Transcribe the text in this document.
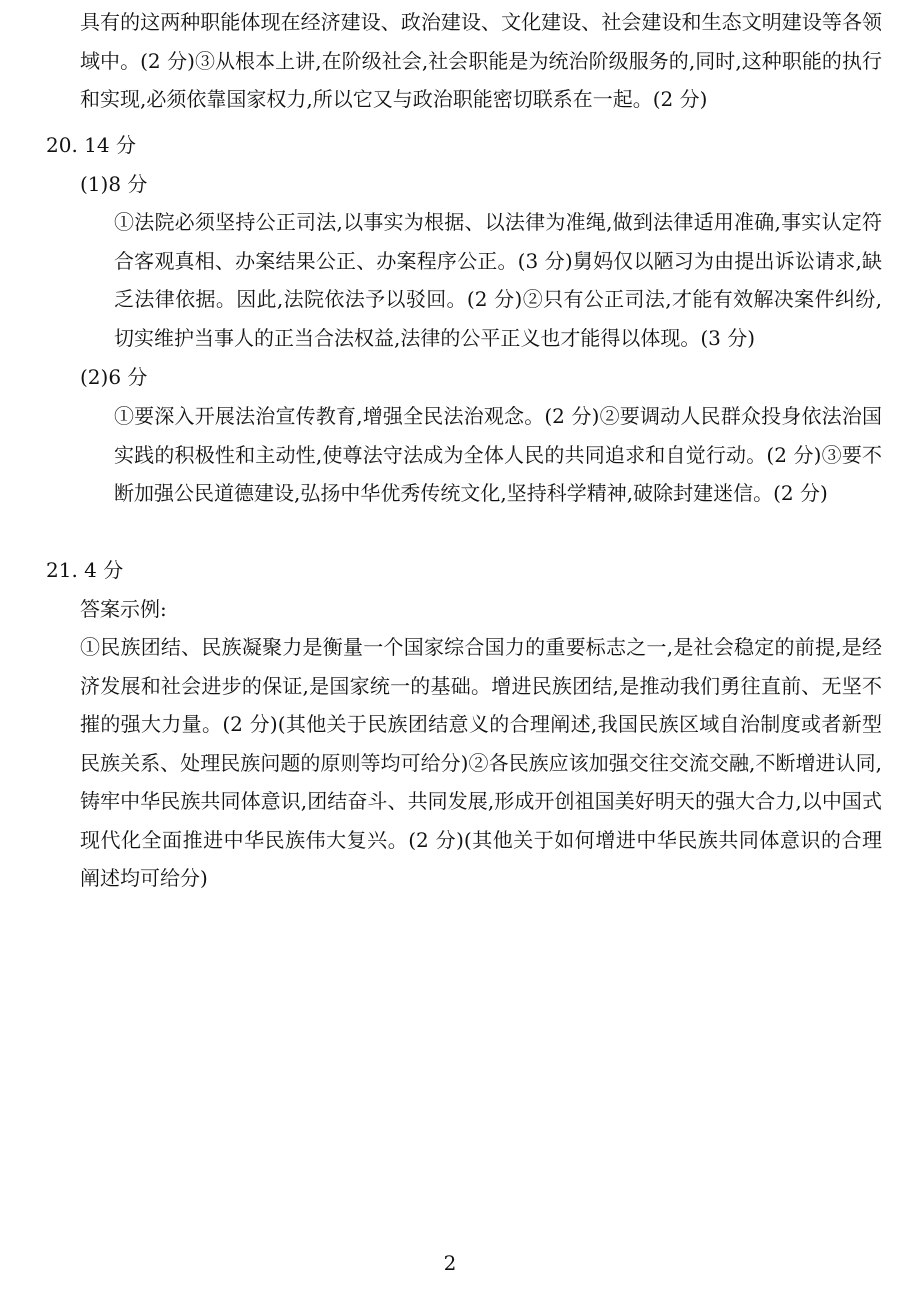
具有的这两种职能体现在经济建设、政治建设、文化建设、社会建设和生态文明建设等各领域中。(2 分)③从根本上讲,在阶级社会,社会职能是为统治阶级服务的,同时,这种职能的执行和实现,必须依靠国家权力,所以它又与政治职能密切联系在一起。(2 分)

20. 14 分

(1)8 分

①法院必须坚持公正司法,以事实为根据、以法律为准绳,做到法律适用准确,事实认定符合客观真相、办案结果公正、办案程序公正。(3 分)舅妈仅以陋习为由提出诉讼请求,缺乏法律依据。因此,法院依法予以驳回。(2 分)②只有公正司法,才能有效解决案件纠纷,切实维护当事人的正当合法权益,法律的公平正义也才能得以体现。(3 分)

(2)6 分

①要深入开展法治宣传教育,增强全民法治观念。(2 分)②要调动人民群众投身依法治国实践的积极性和主动性,使尊法守法成为全体人民的共同追求和自觉行动。(2 分)③要不断加强公民道德建设,弘扬中华优秀传统文化,坚持科学精神,破除封建迷信。(2 分)

21. 4 分

答案示例:

①民族团结、民族凝聚力是衡量一个国家综合国力的重要标志之一,是社会稳定的前提,是经济发展和社会进步的保证,是国家统一的基础。增进民族团结,是推动我们勇往直前、无坚不摧的强大力量。(2 分)(其他关于民族团结意义的合理阐述,我国民族区域自治制度或者新型民族关系、处理民族问题的原则等均可给分)②各民族应该加强交往交流交融,不断增进认同,铸牢中华民族共同体意识,团结奋斗、共同发展,形成开创祖国美好明天的强大合力,以中国式现代化全面推进中华民族伟大复兴。(2 分)(其他关于如何增进中华民族共同体意识的合理阐述均可给分)

2
